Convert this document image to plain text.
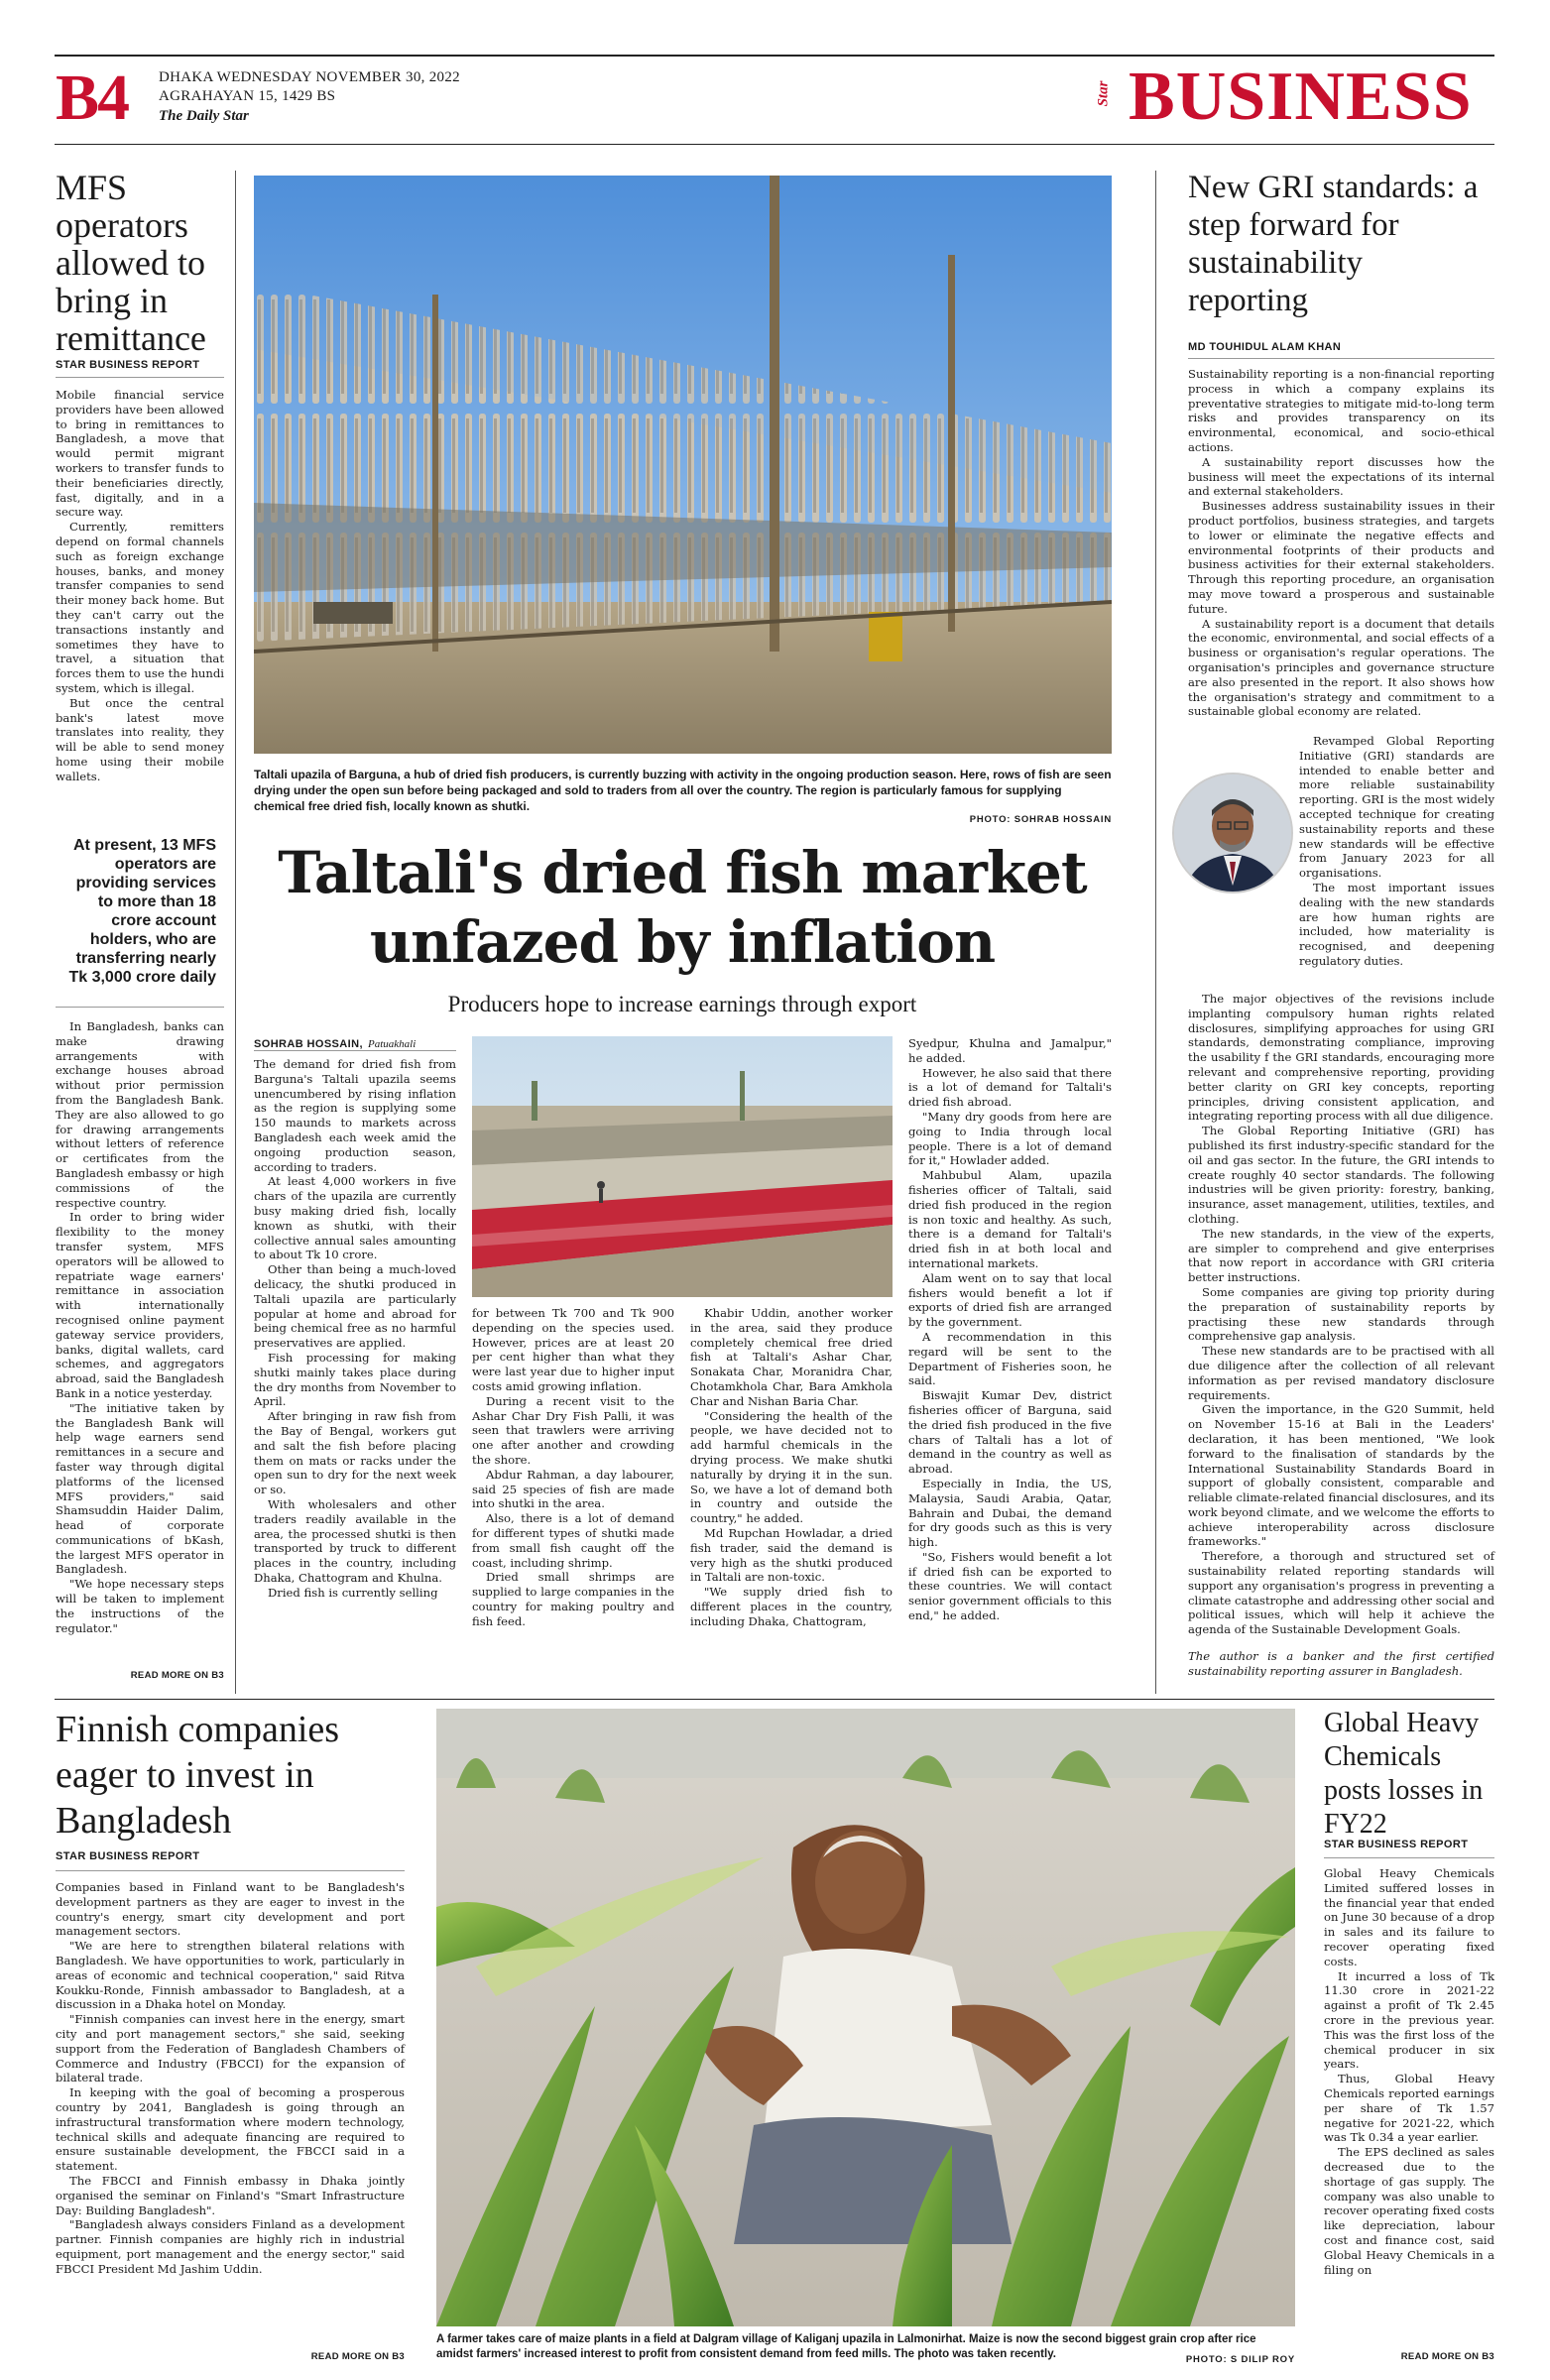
B4 DHAKA WEDNESDAY NOVEMBER 30, 2022
AGRAHAYAN 15, 1429 BS
The Daily Star
Star BUSINESS
MFS operators allowed to bring in remittance
STAR BUSINESS REPORT

Mobile financial service providers have been allowed to bring in remittances to Bangladesh, a move that would permit migrant workers to transfer funds to their beneficiaries directly, fast, digitally, and in a secure way.

Currently, remitters depend on formal channels such as foreign exchange houses, banks, and money transfer companies to send their money back home. But they can't carry out the transactions instantly and sometimes they have to travel, a situation that forces them to use the hundi system, which is illegal.

But once the central bank's latest move translates into reality, they will be able to send money home using their mobile wallets.

At present, 13 MFS operators are providing services to more than 18 crore account holders, who are transferring nearly Tk 3,000 crore daily

In Bangladesh, banks can make drawing arrangements with exchange houses abroad without prior permission from the Bangladesh Bank. They are also allowed to go for drawing arrangements without letters of reference or certificates from the Bangladesh embassy or high commissions of the respective country.

In order to bring wider flexibility to the money transfer system, MFS operators will be allowed to repatriate wage earners' remittance in association with internationally recognised online payment gateway service providers, banks, digital wallets, card schemes, and aggregators abroad, said the Bangladesh Bank in a notice yesterday.

"The initiative taken by the Bangladesh Bank will help wage earners send remittances in a secure and faster way through digital platforms of the licensed MFS providers," said Shamsuddin Haider Dalim, head of corporate communications of bKash, the largest MFS operator in Bangladesh.

"We hope necessary steps will be taken to implement the instructions of the regulator."

READ MORE ON B3
Taltali upazila of Barguna, a hub of dried fish producers, is currently buzzing with activity in the ongoing production season. Here, rows of fish are seen drying under the open sun before being packaged and sold to traders from all over the country. The region is particularly famous for supplying chemical free dried fish, locally known as shutki.
PHOTO: SOHRAB HOSSAIN
Taltali's dried fish market
unfazed by inflation
Producers hope to increase earnings through export
SOHRAB HOSSAIN, Patuakhali

The demand for dried fish from Barguna's Taltali upazila seems unencumbered by rising inflation as the region is supplying some 150 maunds to markets across Bangladesh each week amid the ongoing production season, according to traders.

At least 4,000 workers in five chars of the upazila are currently busy making dried fish, locally known as shutki, with their collective annual sales amounting to about Tk 10 crore.

Other than being a much-loved delicacy, the shutki produced in Taltali upazila are particularly popular at home and abroad for being chemical free as no harmful preservatives are applied.

Fish processing for making shutki mainly takes place during the dry months from November to April.

After bringing in raw fish from the Bay of Bengal, workers gut and salt the fish before placing them on mats or racks under the open sun to dry for the next week or so.

With wholesalers and other traders readily available in the area, the processed shutki is then transported by truck to different places in the country, including Dhaka, Chattogram and Khulna.

Dried fish is currently selling

for between Tk 700 and Tk 900 depending on the species used. However, prices are at least 20 per cent higher than what they were last year due to higher input costs amid growing inflation.

During a recent visit to the Ashar Char Dry Fish Palli, it was seen that trawlers were arriving one after another and crowding the shore.

Abdur Rahman, a day labourer, said 25 species of fish are made into shutki in the area.

Also, there is a lot of demand for different types of shutki made from small fish caught off the coast, including shrimp.

Dried small shrimps are supplied to large companies in the country for making poultry and fish feed.

Khabir Uddin, another worker in the area, said they produce completely chemical free dried fish at Taltali's Ashar Char, Sonakata Char, Moranidra Char, Chotamkhola Char, Bara Amkhola Char and Nishan Baria Char.

"Considering the health of the people, we have decided not to add harmful chemicals in the drying process. We make shutki naturally by drying it in the sun. So, we have a lot of demand both in country and outside the country," he added.

Md Rupchan Howladar, a dried fish trader, said the demand is very high as the shutki produced in Taltali are non-toxic.

"We supply dried fish to different places in the country, including Dhaka, Chattogram,

Syedpur, Khulna and Jamalpur," he added.

However, he also said that there is a lot of demand for Taltali's dried fish abroad.

"Many dry goods from here are going to India through local people. There is a lot of demand for it," Howlader added.

Mahbubul Alam, upazila fisheries officer of Taltali, said dried fish produced in the region is non toxic and healthy. As such, there is a demand for Taltali's dried fish in at both local and international markets.

Alam went on to say that local fishers would benefit a lot if exports of dried fish are arranged by the government.

A recommendation in this regard will be sent to the Department of Fisheries soon, he said.

Biswajit Kumar Dev, district fisheries officer of Barguna, said the dried fish produced in the five chars of Taltali has a lot of demand in the country as well as abroad.

Especially in India, the US, Malaysia, Saudi Arabia, Qatar, Bahrain and Dubai, the demand for dry goods such as this is very high.

"So, Fishers would benefit a lot if dried fish can be exported to these countries. We will contact senior government officials to this end," he added.

New GRI standards: a step forward for sustainability reporting
MD TOUHIDUL ALAM KHAN

Sustainability reporting is a non-financial reporting process in which a company explains its preventative strategies to mitigate mid-to-long term risks and provides transparency on its environmental, economical, and socio-ethical actions.

A sustainability report discusses how the business will meet the expectations of its internal and external stakeholders.

Businesses address sustainability issues in their product portfolios, business strategies, and targets to lower or eliminate the negative effects and environmental footprints of their products and business activities for their external stakeholders. Through this reporting procedure, an organisation may move toward a prosperous and sustainable future.

A sustainability report is a document that details the economic, environmental, and social effects of a business or organisation's regular operations. The organisation's principles and governance structure are also presented in the report. It also shows how the organisation's strategy and commitment to a sustainable global economy are related.

Revamped Global Reporting Initiative (GRI) standards are intended to enable better and more reliable sustainability reporting. GRI is the most widely accepted technique for creating sustainability reports and these new standards will be effective from January 2023 for all organisations.

The most important issues dealing with the new standards are how human rights are included, how materiality is recognised, and deepening regulatory duties.

The major objectives of the revisions include implanting compulsory human rights related disclosures, simplifying approaches for using GRI standards, demonstrating compliance, improving the usability f the GRI standards, encouraging more relevant and comprehensive reporting, providing better clarity on GRI key concepts, reporting principles, driving consistent application, and integrating reporting process with all due diligence.

The Global Reporting Initiative (GRI) has published its first industry-specific standard for the oil and gas sector. In the future, the GRI intends to create roughly 40 sector standards. The following industries will be given priority: forestry, banking, insurance, asset management, utilities, textiles, and clothing.

The new standards, in the view of the experts, are simpler to comprehend and give enterprises that now report in accordance with GRI criteria better instructions.

Some companies are giving top priority during the preparation of sustainability reports by practising these new standards through comprehensive gap analysis.

These new standards are to be practised with all due diligence after the collection of all relevant information as per revised mandatory disclosure requirements.

Given the importance, in the G20 Summit, held on November 15-16 at Bali in the Leaders' declaration, it has been mentioned, "We look forward to the finalisation of standards by the International Sustainability Standards Board in support of globally consistent, comparable and reliable climate-related financial disclosures, and its work beyond climate, and we welcome the efforts to achieve interoperability across disclosure frameworks."

Therefore, a thorough and structured set of sustainability related reporting standards will support any organisation's progress in preventing a climate catastrophe and addressing other social and political issues, which will help it achieve the agenda of the Sustainable Development Goals.

The author is a banker and the first certified sustainability reporting assurer in Bangladesh.
Finnish companies eager to invest in Bangladesh
STAR BUSINESS REPORT

Companies based in Finland want to be Bangladesh's development partners as they are eager to invest in the country's energy, smart city development and port management sectors.

"We are here to strengthen bilateral relations with Bangladesh. We have opportunities to work, particularly in areas of economic and technical cooperation," said Ritva Koukku-Ronde, Finnish ambassador to Bangladesh, at a discussion in a Dhaka hotel on Monday.

"Finnish companies can invest here in the energy, smart city and port management sectors," she said, seeking support from the Federation of Bangladesh Chambers of Commerce and Industry (FBCCI) for the expansion of bilateral trade.

In keeping with the goal of becoming a prosperous country by 2041, Bangladesh is going through an infrastructural transformation where modern technology, technical skills and adequate financing are required to ensure sustainable development, the FBCCI said in a statement.

The FBCCI and Finnish embassy in Dhaka jointly organised the seminar on Finland's "Smart Infrastructure Day: Building Bangladesh".

"Bangladesh always considers Finland as a development partner. Finnish companies are highly rich in industrial equipment, port management and the energy sector," said FBCCI President Md Jashim Uddin.

READ MORE ON B3
A farmer takes care of maize plants in a field at Dalgram village of Kaliganj upazila in Lalmonirhat. Maize is now the second biggest grain crop after rice amidst farmers' increased interest to profit from consistent demand from feed mills. The photo was taken recently.	PHOTO: S DILIP ROY
Global Heavy Chemicals posts losses in FY22
STAR BUSINESS REPORT

Global Heavy Chemicals Limited suffered losses in the financial year that ended on June 30 because of a drop in sales and its failure to recover operating fixed costs.

It incurred a loss of Tk 11.30 crore in 2021-22 against a profit of Tk 2.45 crore in the previous year. This was the first loss of the chemical producer in six years.

Thus, Global Heavy Chemicals reported earnings per share of Tk 1.57 negative for 2021-22, which was Tk 0.34 a year earlier.

The EPS declined as sales decreased due to the shortage of gas supply. The company was also unable to recover operating fixed costs like depreciation, labour cost and finance cost, said Global Heavy Chemicals in a filing on

READ MORE ON B3
